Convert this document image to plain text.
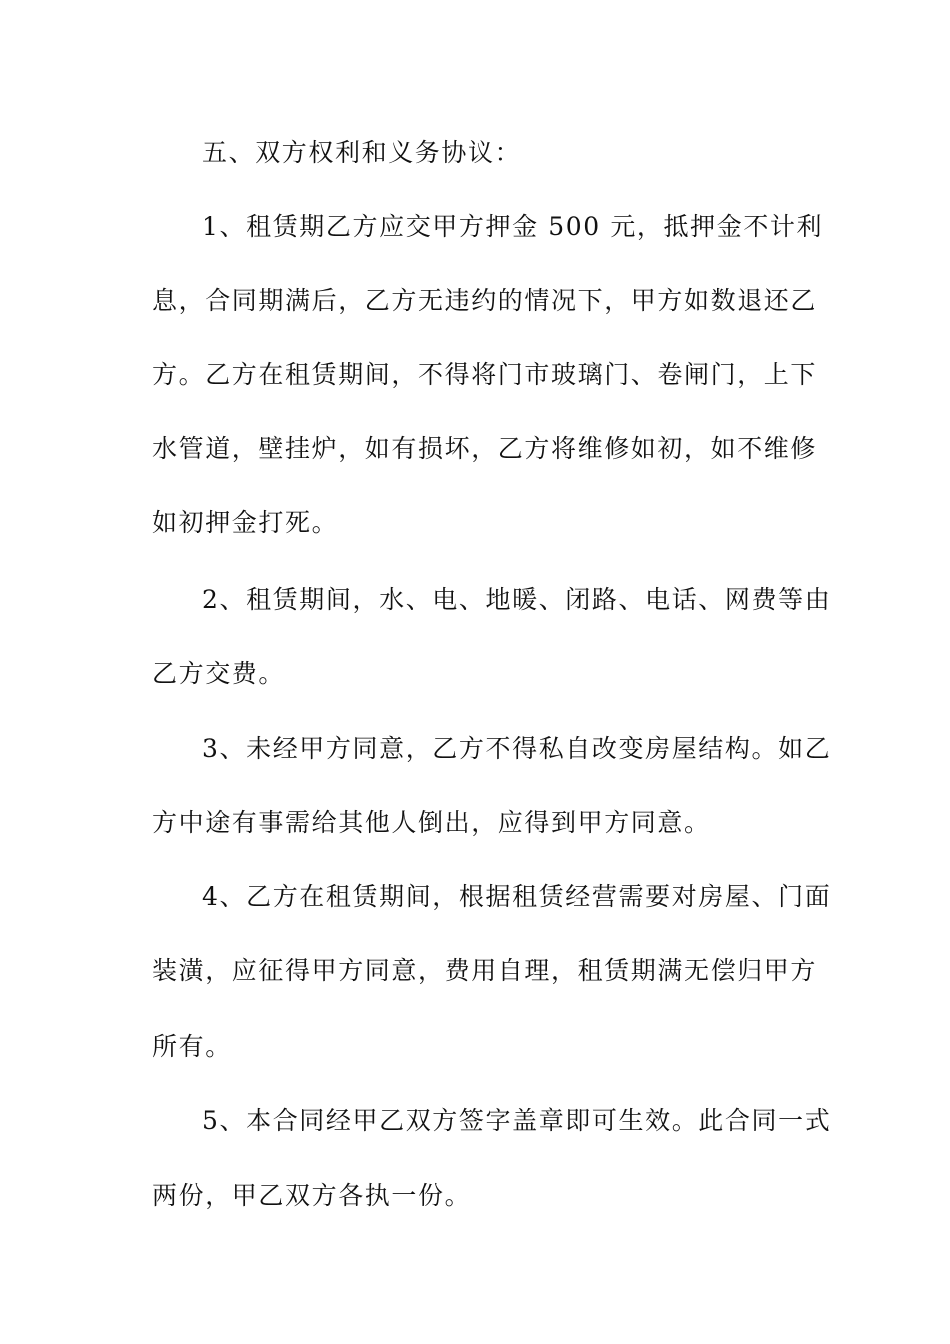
五、双方权利和义务协议：
1、租赁期乙方应交甲方押金 500 元，抵押金不计利
息，合同期满后，乙方无违约的情况下，甲方如数退还乙
方。乙方在租赁期间，不得将门市玻璃门、卷闸门，上下
水管道，壁挂炉，如有损坏，乙方将维修如初，如不维修
如初押金打死。
2、租赁期间，水、电、地暖、闭路、电话、网费等由
乙方交费。
3、未经甲方同意，乙方不得私自改变房屋结构。如乙
方中途有事需给其他人倒出，应得到甲方同意。
4、乙方在租赁期间，根据租赁经营需要对房屋、门面
装潢，应征得甲方同意，费用自理，租赁期满无偿归甲方
所有。
5、本合同经甲乙双方签字盖章即可生效。此合同一式
两份，甲乙双方各执一份。
